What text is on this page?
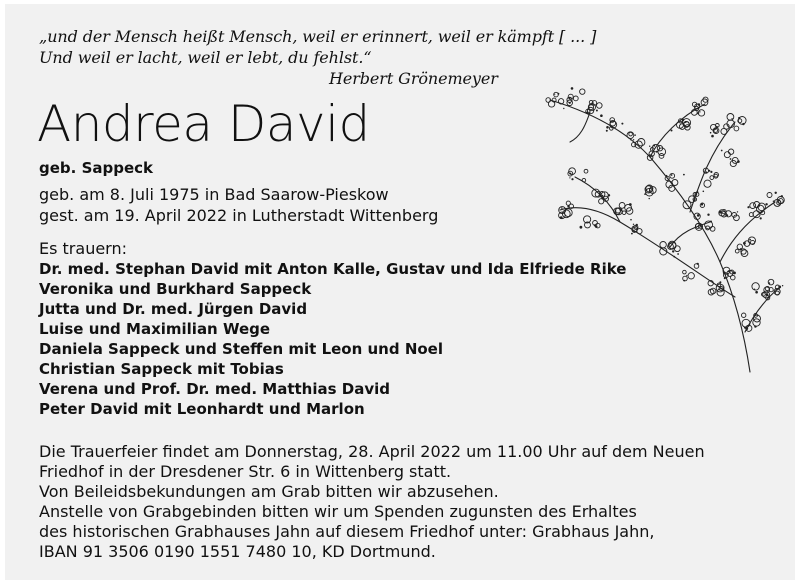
„und der Mensch heißt Mensch, weil er erinnert, weil er kämpft [ ... ]

Und weil er lacht, weil er lebt, du fehlst.“

Herbert Grönemeyer

Andrea David
geb. Sappeck

geb. am 8. Juli 1975 in Bad Saarow-Pieskow

gest. am 19. April 2022 in Lutherstadt Wittenberg

Es trauern:

Dr. med. Stephan David mit Anton Kalle, Gustav und Ida Elfriede Rike

Veronika und Burkhard Sappeck

Jutta und Dr. med. Jürgen David

Luise und Maximilian Wege

Daniela Sappeck und Steffen mit Leon und Noel

Christian Sappeck mit Tobias

Verena und Prof. Dr. med. Matthias David

Peter David mit Leonhardt und Marlon

Die Trauerfeier findet am Donnerstag, 28. April 2022 um 11.00 Uhr auf dem Neuen

Friedhof in der Dresdener Str. 6 in Wittenberg statt.

Von Beileidsbekundungen am Grab bitten wir abzusehen.

Anstelle von Grabgebinden bitten wir um Spenden zugunsten des Erhaltes

des historischen Grabhauses Jahn auf diesem Friedhof unter: Grabhaus Jahn,

IBAN 91 3506 0190 1551 7480 10, KD Dortmund.
